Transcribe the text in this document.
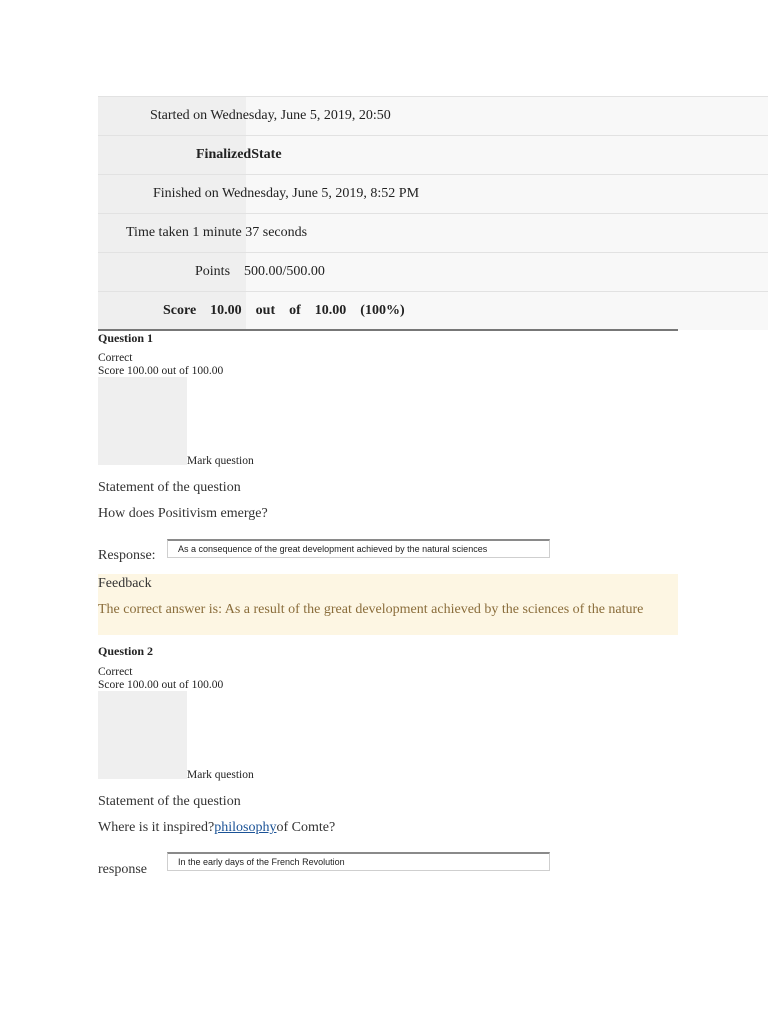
Started on Wednesday, June 5, 2019, 20:50
FinalizedState
Finished on Wednesday, June 5, 2019, 8:52 PM
Time taken 1 minute 37 seconds
Points    500.00/500.00
Score    10.00    out    of    10.00    (100%)
Question 1
Correct
Score 100.00 out of 100.00
Mark question
Statement of the question
How does Positivism emerge?
Response:	As a consequence of the great development achieved by the natural sciences
Feedback
The correct answer is: As a result of the great development achieved by the sciences of the nature
Question 2
Correct
Score 100.00 out of 100.00
Mark question
Statement of the question
Where is it inspired?philosophyof Comte?
response	In the early days of the French Revolution
